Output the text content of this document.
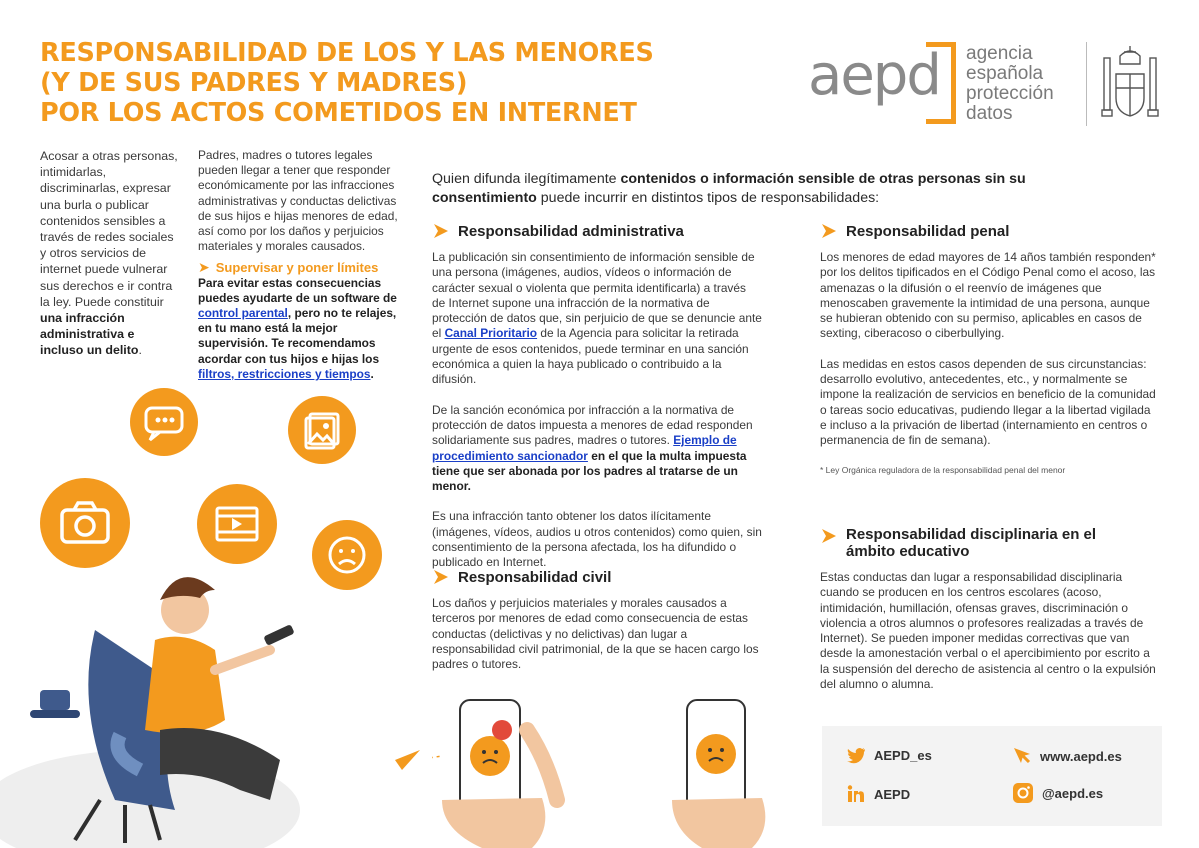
RESPONSABILIDAD DE LOS Y LAS MENORES
(Y DE SUS PADRES Y MADRES)
POR LOS ACTOS COMETIDOS EN INTERNET
aepd agencia
española
protección
datos
Acosar a otras personas, intimidarlas, discriminarlas, expresar una burla o publicar contenidos sensibles a través de redes sociales y otros servicios de internet puede vulnerar sus derechos e ir contra la ley. Puede constituir una infracción administrativa e incluso un delito.
Padres, madres o tutores legales pueden llegar a tener que responder económicamente por las infracciones administrativas y conductas delictivas de sus hijos e hijas menores de edad, así como por los daños y perjuicios materiales y morales causados.
➤ Supervisar y poner límites
Para evitar estas consecuencias puedes ayudarte de un software de control parental, pero no te relajes, en tu mano está la mejor supervisión. Te recomendamos acordar con tus hijos e hijas los filtros, restricciones y tiempos.
Quien difunda ilegítimamente contenidos o información sensible de otras personas sin su consentimiento puede incurrir en distintos tipos de responsabilidades:
Responsabilidad administrativa
La publicación sin consentimiento de información sensible de una persona (imágenes, audios, vídeos o información de carácter sexual o violenta que permita identificarla) a través de Internet supone una infracción de la normativa de protección de datos que, sin perjuicio de que se denuncie ante el Canal Prioritario de la Agencia para solicitar la retirada urgente de esos contenidos, puede terminar en una sanción económica a quien la haya publicado o contribuido a la difusión.
De la sanción económica por infracción a la normativa de protección de datos impuesta a menores de edad responden solidariamente sus padres, madres o tutores. Ejemplo de procedimiento sancionador en el que la multa impuesta tiene que ser abonada por los padres al tratarse de un menor.
Es una infracción tanto obtener los datos ilícitamente (imágenes, vídeos, audios u otros contenidos) como quien, sin consentimiento de la persona afectada, los ha difundido o publicado en Internet.
Responsabilidad civil
Los daños y perjuicios materiales y morales causados a terceros por menores de edad como consecuencia de estas conductas (delictivas y no delictivas) dan lugar a responsabilidad civil patrimonial, de la que se hacen cargo los padres o tutores.
Responsabilidad penal
Los menores de edad mayores de 14 años también responden* por los delitos tipificados en el Código Penal como el acoso, las amenazas o la difusión o el reenvío de imágenes que menoscaben gravemente la intimidad de una persona, aunque se hubieran obtenido con su permiso, aplicables en casos de sexting, ciberacoso o ciberbullying.
Las medidas en estos casos dependen de sus circunstancias: desarrollo evolutivo, antecedentes, etc., y normalmente se impone la realización de servicios en beneficio de la comunidad o tareas socio educativas, pudiendo llegar a la libertad vigilada e incluso a la privación de libertad (internamiento en centros o permanencia de fin de semana).
* Ley Orgánica reguladora de la responsabilidad penal del menor
Responsabilidad disciplinaria en el
ámbito educativo
Estas conductas dan lugar a responsabilidad disciplinaria cuando se producen en los centros escolares (acoso, intimidación, humillación, ofensas graves, discriminación o violencia a otros alumnos o profesores realizadas a través de Internet). Se pueden imponer medidas correctivas que van desde la amonestación verbal o el apercibimiento por escrito a la suspensión del derecho de asistencia al centro o la expulsión del alumno o alumna.
AEPD_es	www.aepd.es
AEPD	@aepd.es
